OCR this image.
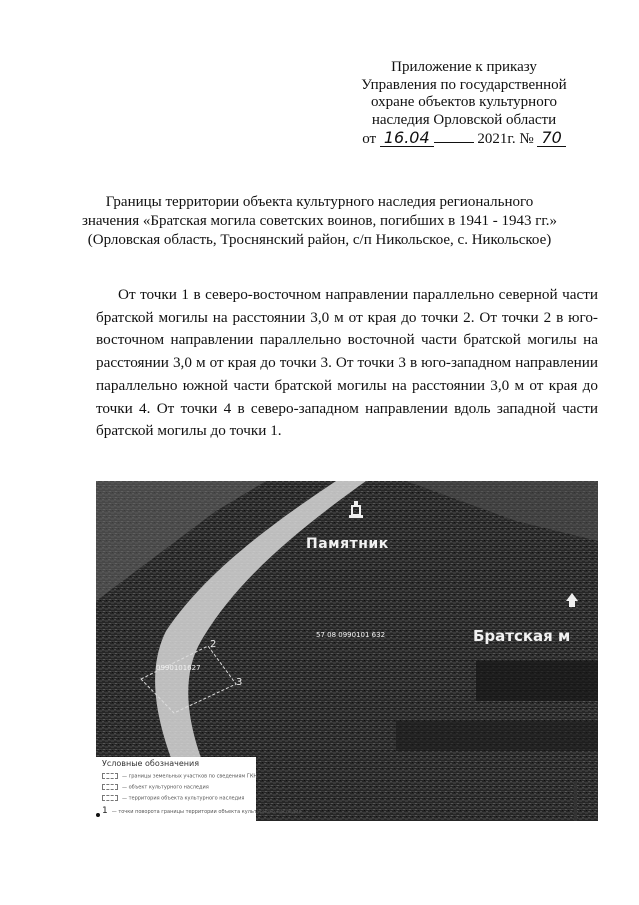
Приложение к приказу
Управления по государственной
охране объектов культурного
наследия Орловской области
от 16.04	2021г. № 70
Границы территории объекта культурного наследия регионального
значения «Братская могила советских воинов, погибших в 1941 - 1943 гг.»
(Орловская область, Троснянский район, с/п Никольское, с. Никольское)
От точки 1 в северо-восточном направлении параллельно северной части братской могилы на расстоянии 3,0 м от края до точки 2. От точки 2 в юго-восточном направлении параллельно восточной части братской могилы на расстоянии 3,0 м от края до точки 3. От точки 3 в юго-западном направлении параллельно южной части братской могилы на расстоянии 3,0 м от края до точки 4. От точки 4 в северо-западном направлении вдоль западной части братской могилы до точки 1.
Памятник
Братская м
57 08 0990101 632
0990101627
2
3
Условные обозначения
— границы земельных участков по сведениям ГКН
— объект культурного наследия
— территория объекта культурного наследия
1 — точки поворота границы территории объекта культурного наследия
